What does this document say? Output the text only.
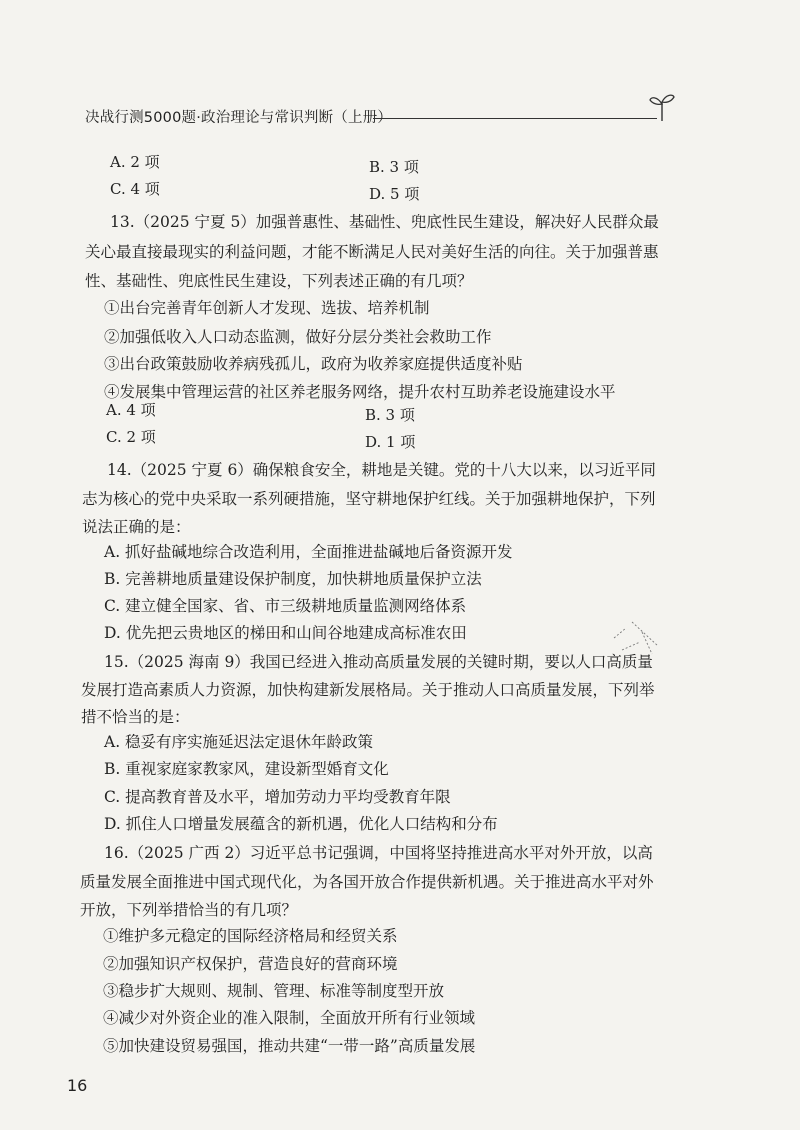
决战行测5000题·政治理论与常识判断（上册）
A. 2 项	B. 3 项
C. 4 项	D. 5 项
13.（2025 宁夏 5）加强普惠性、基础性、兜底性民生建设，解决好人民群众最
关心最直接最现实的利益问题，才能不断满足人民对美好生活的向往。关于加强普惠
性、基础性、兜底性民生建设，下列表述正确的有几项？
①出台完善青年创新人才发现、选拔、培养机制
②加强低收入人口动态监测，做好分层分类社会救助工作
③出台政策鼓励收养病残孤儿，政府为收养家庭提供适度补贴
④发展集中管理运营的社区养老服务网络，提升农村互助养老设施建设水平
A. 4 项	B. 3 项
C. 2 项	D. 1 项
14.（2025 宁夏 6）确保粮食安全，耕地是关键。党的十八大以来，以习近平同
志为核心的党中央采取一系列硬措施，坚守耕地保护红线。关于加强耕地保护，下列
说法正确的是：
A. 抓好盐碱地综合改造利用，全面推进盐碱地后备资源开发
B. 完善耕地质量建设保护制度，加快耕地质量保护立法
C. 建立健全国家、省、市三级耕地质量监测网络体系
D. 优先把云贵地区的梯田和山间谷地建成高标准农田
15.（2025 海南 9）我国已经进入推动高质量发展的关键时期，要以人口高质量
发展打造高素质人力资源，加快构建新发展格局。关于推动人口高质量发展，下列举
措不恰当的是：
A. 稳妥有序实施延迟法定退休年龄政策
B. 重视家庭家教家风，建设新型婚育文化
C. 提高教育普及水平，增加劳动力平均受教育年限
D. 抓住人口增量发展蕴含的新机遇，优化人口结构和分布
16.（2025 广西 2）习近平总书记强调，中国将坚持推进高水平对外开放，以高
质量发展全面推进中国式现代化，为各国开放合作提供新机遇。关于推进高水平对外
开放，下列举措恰当的有几项？
①维护多元稳定的国际经济格局和经贸关系
②加强知识产权保护，营造良好的营商环境
③稳步扩大规则、规制、管理、标准等制度型开放
④减少对外资企业的准入限制，全面放开所有行业领域
⑤加快建设贸易强国，推动共建“一带一路”高质量发展
16
